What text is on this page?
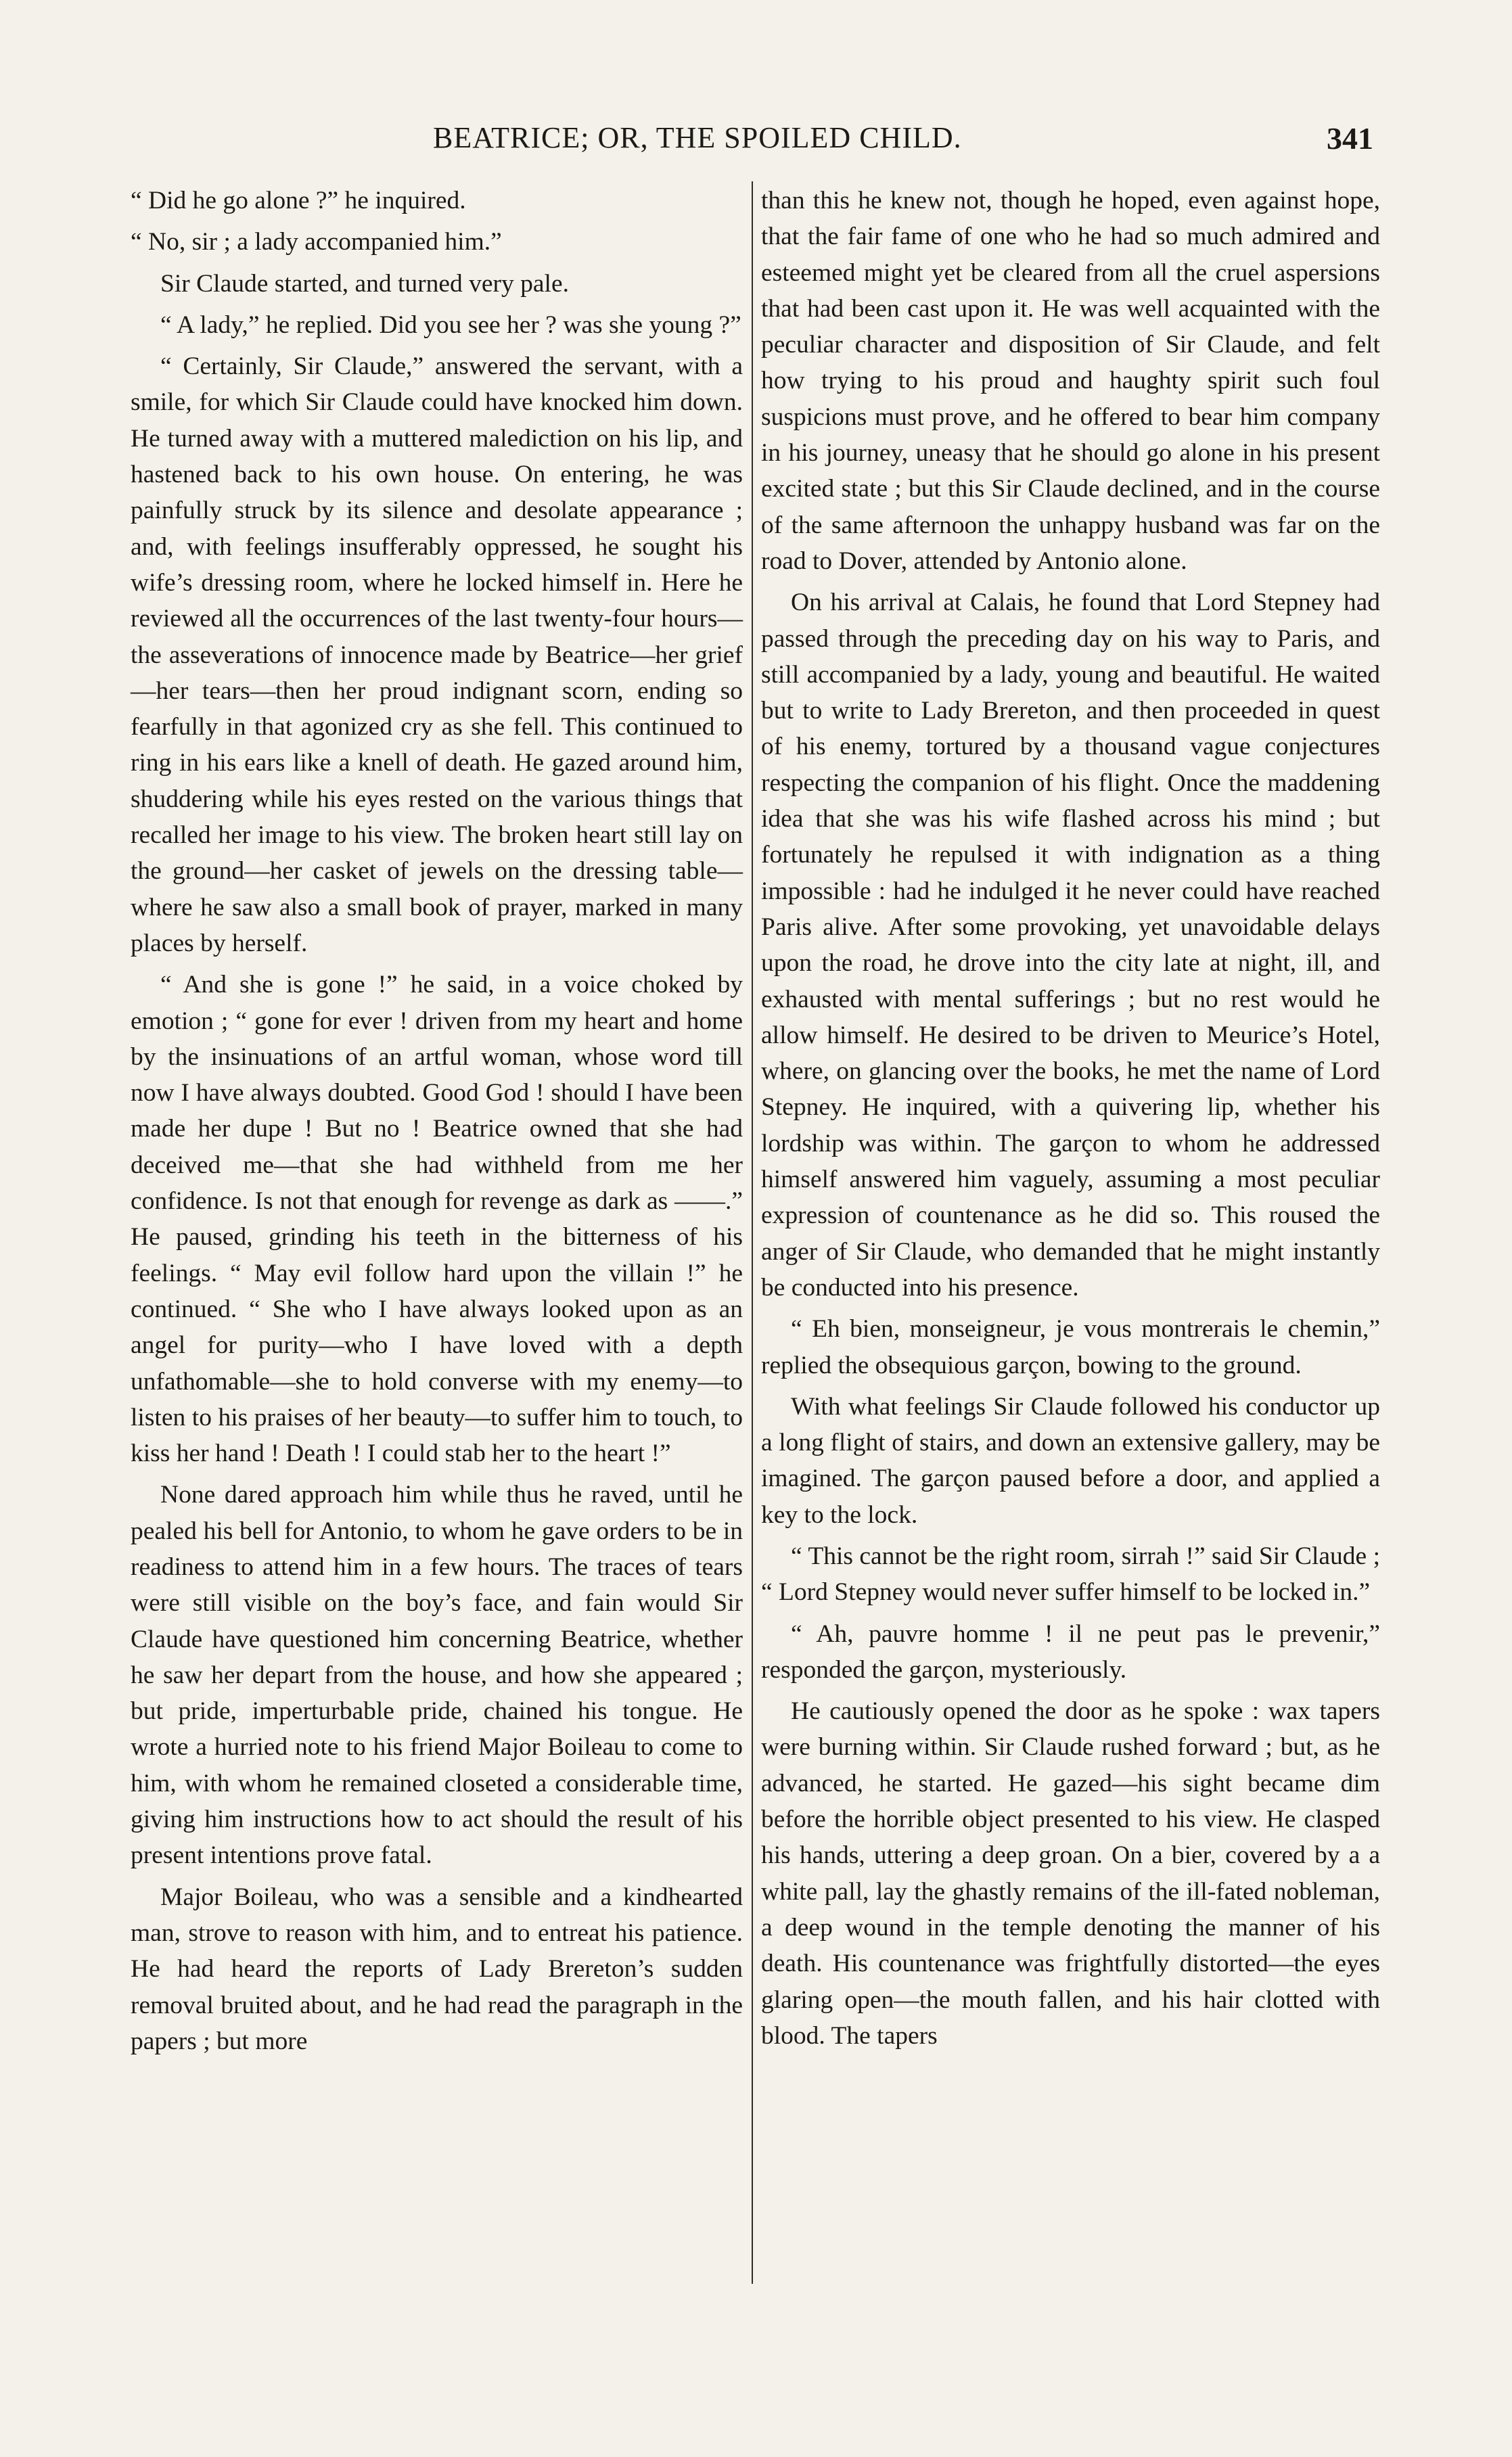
BEATRICE; OR, THE SPOILED CHILD.	341

“ Did he go alone ?” he inquired.

“ No, sir ; a lady accompanied him.”

Sir Claude started, and turned very pale.

“ A lady,” he replied. Did you see her ? was she young ?”

“ Certainly, Sir Claude,” answered the servant, with a smile, for which Sir Claude could have knocked him down. He turned away with a muttered malediction on his lip, and hastened back to his own house. On entering, he was painfully struck by its silence and desolate appearance ; and, with feelings insufferably oppressed, he sought his wife’s dressing room, where he locked himself in. Here he reviewed all the occurrences of the last twenty-four hours—the asseverations of innocence made by Beatrice—her grief—her tears—then her proud indignant scorn, ending so fearfully in that agonized cry as she fell. This continued to ring in his ears like a knell of death. He gazed around him, shuddering while his eyes rested on the various things that recalled her image to his view. The broken heart still lay on the ground—her casket of jewels on the dressing table—where he saw also a small book of prayer, marked in many places by herself.

“ And she is gone !” he said, in a voice choked by emotion ; “ gone for ever ! driven from my heart and home by the insinuations of an artful woman, whose word till now I have always doubted. Good God ! should I have been made her dupe ! But no ! Beatrice owned that she had deceived me—that she had withheld from me her confidence. Is not that enough for revenge as dark as ——.” He paused, grinding his teeth in the bitterness of his feelings. “ May evil follow hard upon the villain !” he continued. “ She who I have always looked upon as an angel for purity—who I have loved with a depth unfathomable—she to hold converse with my enemy—to listen to his praises of her beauty—to suffer him to touch, to kiss her hand ! Death ! I could stab her to the heart !”

None dared approach him while thus he raved, until he pealed his bell for Antonio, to whom he gave orders to be in readiness to attend him in a few hours. The traces of tears were still visible on the boy’s face, and fain would Sir Claude have questioned him concerning Beatrice, whether he saw her depart from the house, and how she appeared ; but pride, imperturbable pride, chained his tongue. He wrote a hurried note to his friend Major Boileau to come to him, with whom he remained closeted a considerable time, giving him instructions how to act should the result of his present intentions prove fatal.

Major Boileau, who was a sensible and a kindhearted man, strove to reason with him, and to entreat his patience. He had heard the reports of Lady Brereton’s sudden removal bruited about, and he had read the paragraph in the papers ; but more

than this he knew not, though he hoped, even against hope, that the fair fame of one who he had so much admired and esteemed might yet be cleared from all the cruel aspersions that had been cast upon it. He was well acquainted with the peculiar character and disposition of Sir Claude, and felt how trying to his proud and haughty spirit such foul suspicions must prove, and he offered to bear him company in his journey, uneasy that he should go alone in his present excited state ; but this Sir Claude declined, and in the course of the same afternoon the unhappy husband was far on the road to Dover, attended by Antonio alone.

On his arrival at Calais, he found that Lord Stepney had passed through the preceding day on his way to Paris, and still accompanied by a lady, young and beautiful. He waited but to write to Lady Brereton, and then proceeded in quest of his enemy, tortured by a thousand vague conjectures respecting the companion of his flight. Once the maddening idea that she was his wife flashed across his mind ; but fortunately he repulsed it with indignation as a thing impossible : had he indulged it he never could have reached Paris alive. After some provoking, yet unavoidable delays upon the road, he drove into the city late at night, ill, and exhausted with mental sufferings ; but no rest would he allow himself. He desired to be driven to Meurice’s Hotel, where, on glancing over the books, he met the name of Lord Stepney. He inquired, with a quivering lip, whether his lordship was within. The garçon to whom he addressed himself answered him vaguely, assuming a most peculiar expression of countenance as he did so. This roused the anger of Sir Claude, who demanded that he might instantly be conducted into his presence.

“ Eh bien, monseigneur, je vous montrerais le chemin,” replied the obsequious garçon, bowing to the ground.

With what feelings Sir Claude followed his conductor up a long flight of stairs, and down an extensive gallery, may be imagined. The garçon paused before a door, and applied a key to the lock.

“ This cannot be the right room, sirrah !” said Sir Claude ; “ Lord Stepney would never suffer himself to be locked in.”

“ Ah, pauvre homme ! il ne peut pas le prevenir,” responded the garçon, mysteriously.

He cautiously opened the door as he spoke : wax tapers were burning within. Sir Claude rushed forward ; but, as he advanced, he started. He gazed—his sight became dim before the horrible object presented to his view. He clasped his hands, uttering a deep groan. On a bier, covered by a a white pall, lay the ghastly remains of the ill-fated nobleman, a deep wound in the temple denoting the manner of his death. His countenance was frightfully distorted—the eyes glaring open—the mouth fallen, and his hair clotted with blood. The tapers
